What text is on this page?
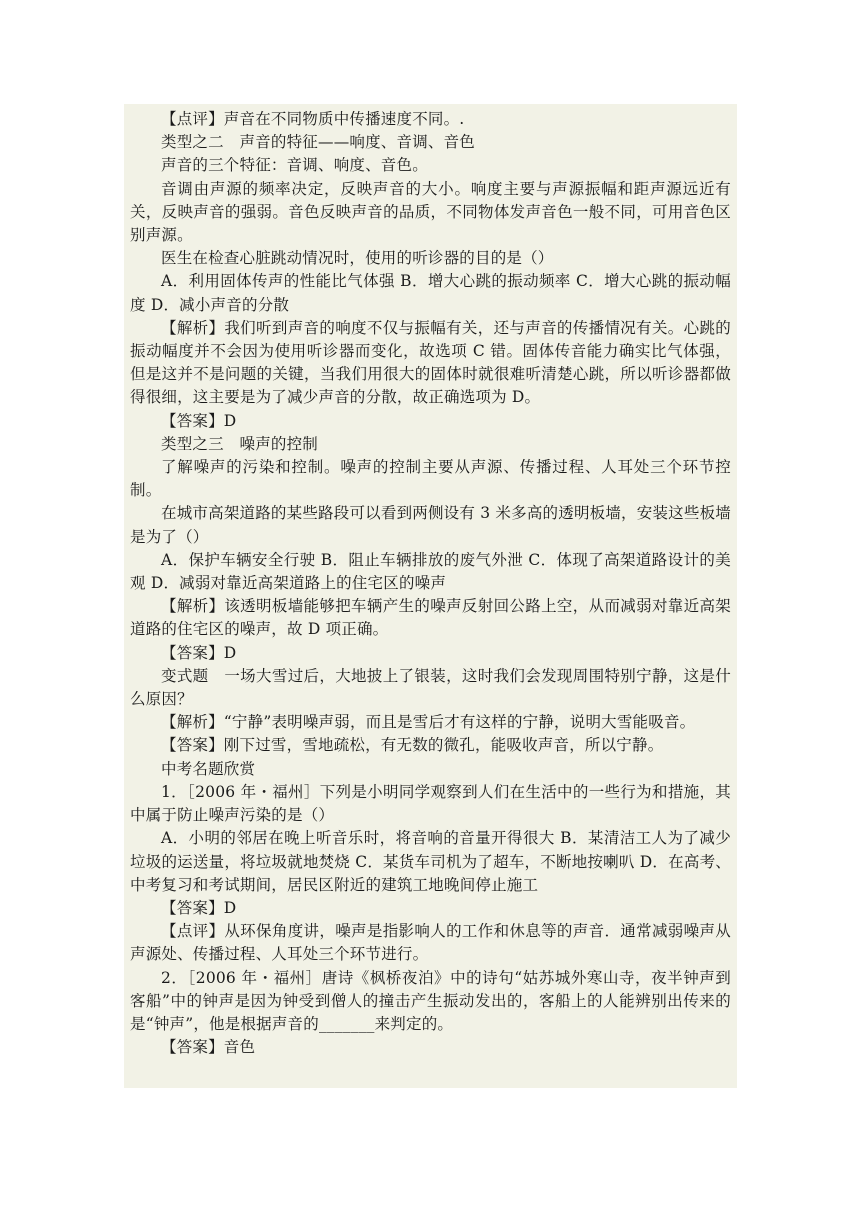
【点评】声音在不同物质中传播速度不同。.

类型之二　声音的特征——响度、音调、音色

声音的三个特征：音调、响度、音色。

音调由声源的频率决定，反映声音的大小。响度主要与声源振幅和距声源远近有关，反映声音的强弱。音色反映声音的品质，不同物体发声音色一般不同，可用音色区别声源。

医生在检查心脏跳动情况时，使用的听诊器的目的是（）

A．利用固体传声的性能比气体强 B．增大心跳的振动频率 C．增大心跳的振动幅度 D．减小声音的分散

【解析】我们听到声音的响度不仅与振幅有关，还与声音的传播情况有关。心跳的振动幅度并不会因为使用听诊器而变化，故选项 C 错。固体传音能力确实比气体强，但是这并不是问题的关键，当我们用很大的固体时就很难听清楚心跳，所以听诊器都做得很细，这主要是为了减少声音的分散，故正确选项为 D。

【答案】D

类型之三　噪声的控制

了解噪声的污染和控制。噪声的控制主要从声源、传播过程、人耳处三个环节控制。

在城市高架道路的某些路段可以看到两侧设有 3 米多高的透明板墙，安装这些板墙是为了（）

A．保护车辆安全行驶 B．阻止车辆排放的废气外泄 C．体现了高架道路设计的美观 D．减弱对靠近高架道路上的住宅区的噪声

【解析】该透明板墙能够把车辆产生的噪声反射回公路上空，从而减弱对靠近高架道路的住宅区的噪声，故 D 项正确。

【答案】D

变式题　一场大雪过后，大地披上了银装，这时我们会发现周围特别宁静，这是什么原因？

【解析】“宁静”表明噪声弱，而且是雪后才有这样的宁静，说明大雪能吸音。

【答案】刚下过雪，雪地疏松，有无数的微孔，能吸收声音，所以宁静。

中考名题欣赏

1．［2006 年・福州］下列是小明同学观察到人们在生活中的一些行为和措施，其中属于防止噪声污染的是（）

A．小明的邻居在晚上听音乐时，将音响的音量开得很大 B．某清洁工人为了减少垃圾的运送量，将垃圾就地焚烧 C．某货车司机为了超车，不断地按喇叭 D．在高考、中考复习和考试期间，居民区附近的建筑工地晚间停止施工

【答案】D

【点评】从环保角度讲，噪声是指影响人的工作和休息等的声音．通常减弱噪声从声源处、传播过程、人耳处三个环节进行。

2．［2006 年・福州］唐诗《枫桥夜泊》中的诗句“姑苏城外寒山寺，夜半钟声到客船”中的钟声是因为钟受到僧人的撞击产生振动发出的，客船上的人能辨别出传来的是“钟声”，他是根据声音的_______来判定的。

【答案】音色
